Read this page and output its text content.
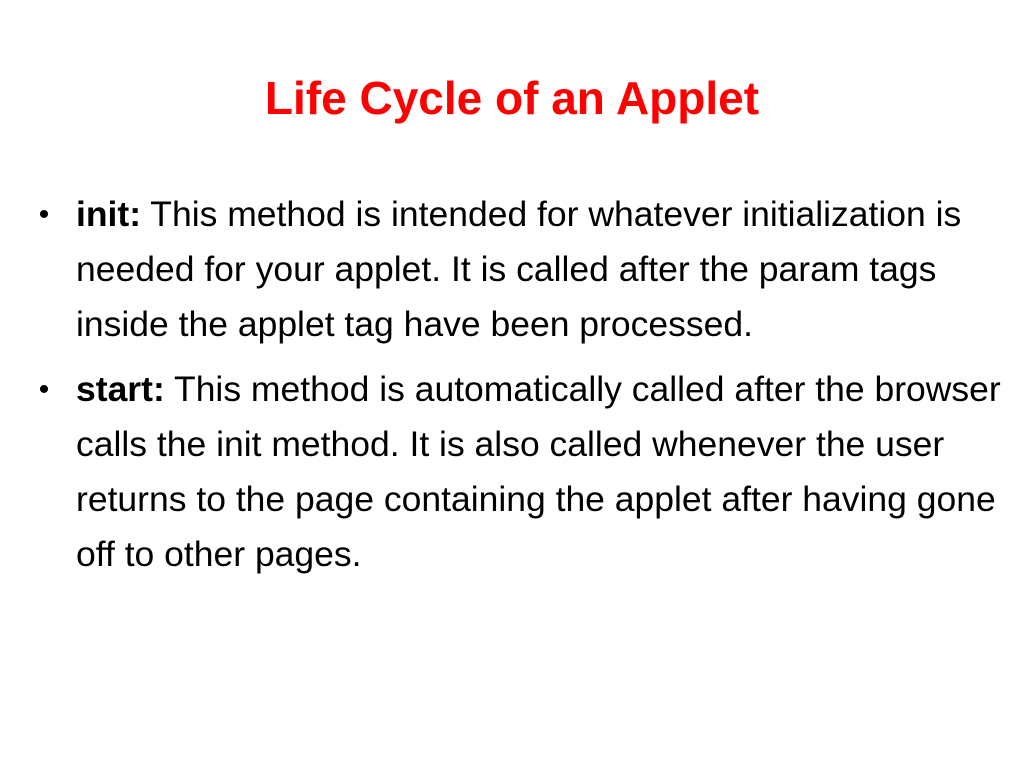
Life Cycle of an Applet
• init: This method is intended for whatever initialization is needed for your applet. It is called after the param tags inside the applet tag have been processed.
• start: This method is automatically called after the browser calls the init method. It is also called whenever the user returns to the page containing the applet after having gone off to other pages.
